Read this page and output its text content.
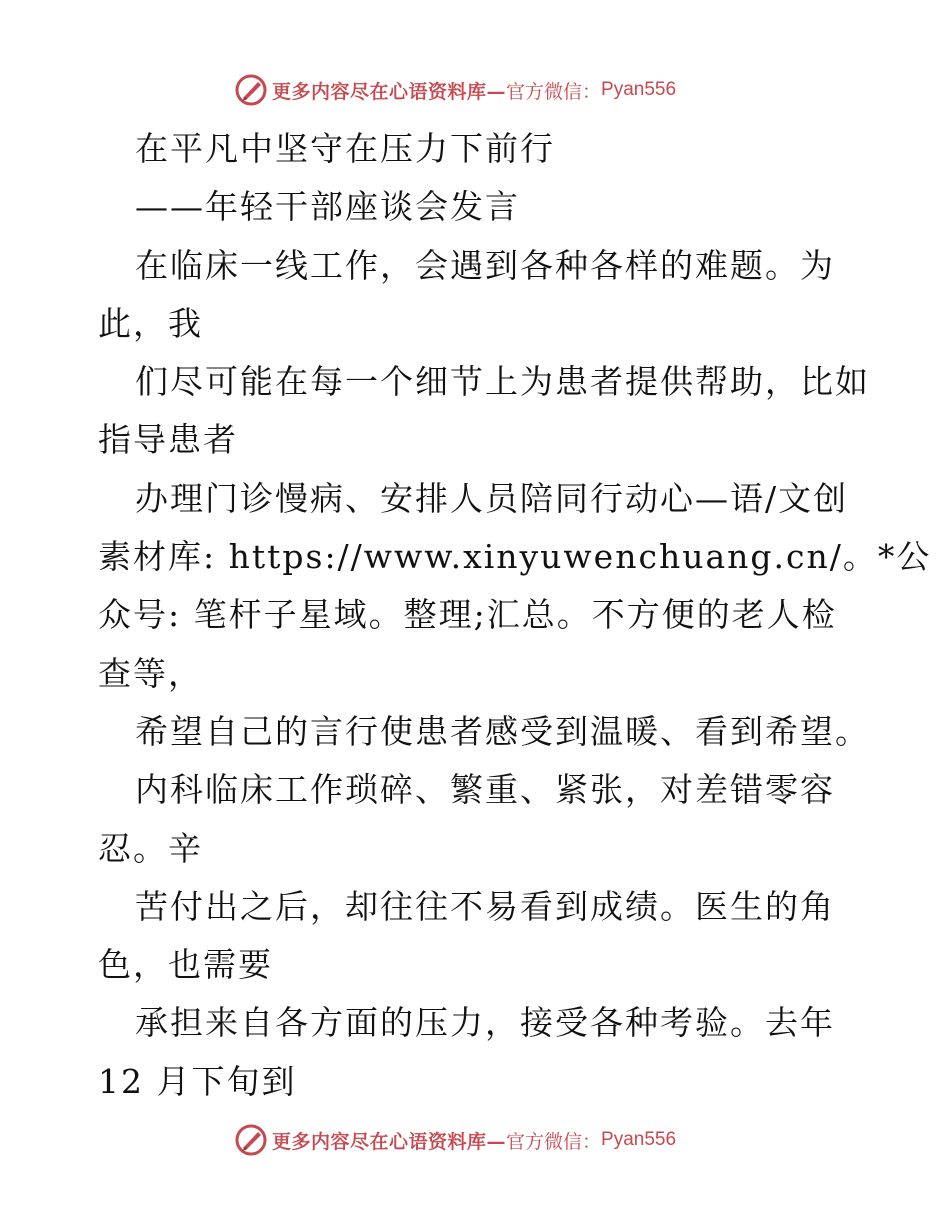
更多内容尽在心语资料库— 官方微信： Pyan556
在平凡中坚守在压力下前行
——年轻干部座谈会发言
在临床一线工作，会遇到各种各样的难题。为
此，我
们尽可能在每一个细节上为患者提供帮助，比如
指导患者
办理门诊慢病、安排人员陪同行动心—语/文创
素材库: https://www.xinyuwenchuang.cn/。*公
众号: 笔杆子星域。整理;汇总。不方便的老人检
查等，
希望自己的言行使患者感受到温暖、看到希望。
内科临床工作琐碎、繁重、紧张，对差错零容
忍。辛
苦付出之后，却往往不易看到成绩。医生的角
色，也需要
承担来自各方面的压力，接受各种考验。去年
12 月下旬到
更多内容尽在心语资料库— 官方微信： Pyan556
